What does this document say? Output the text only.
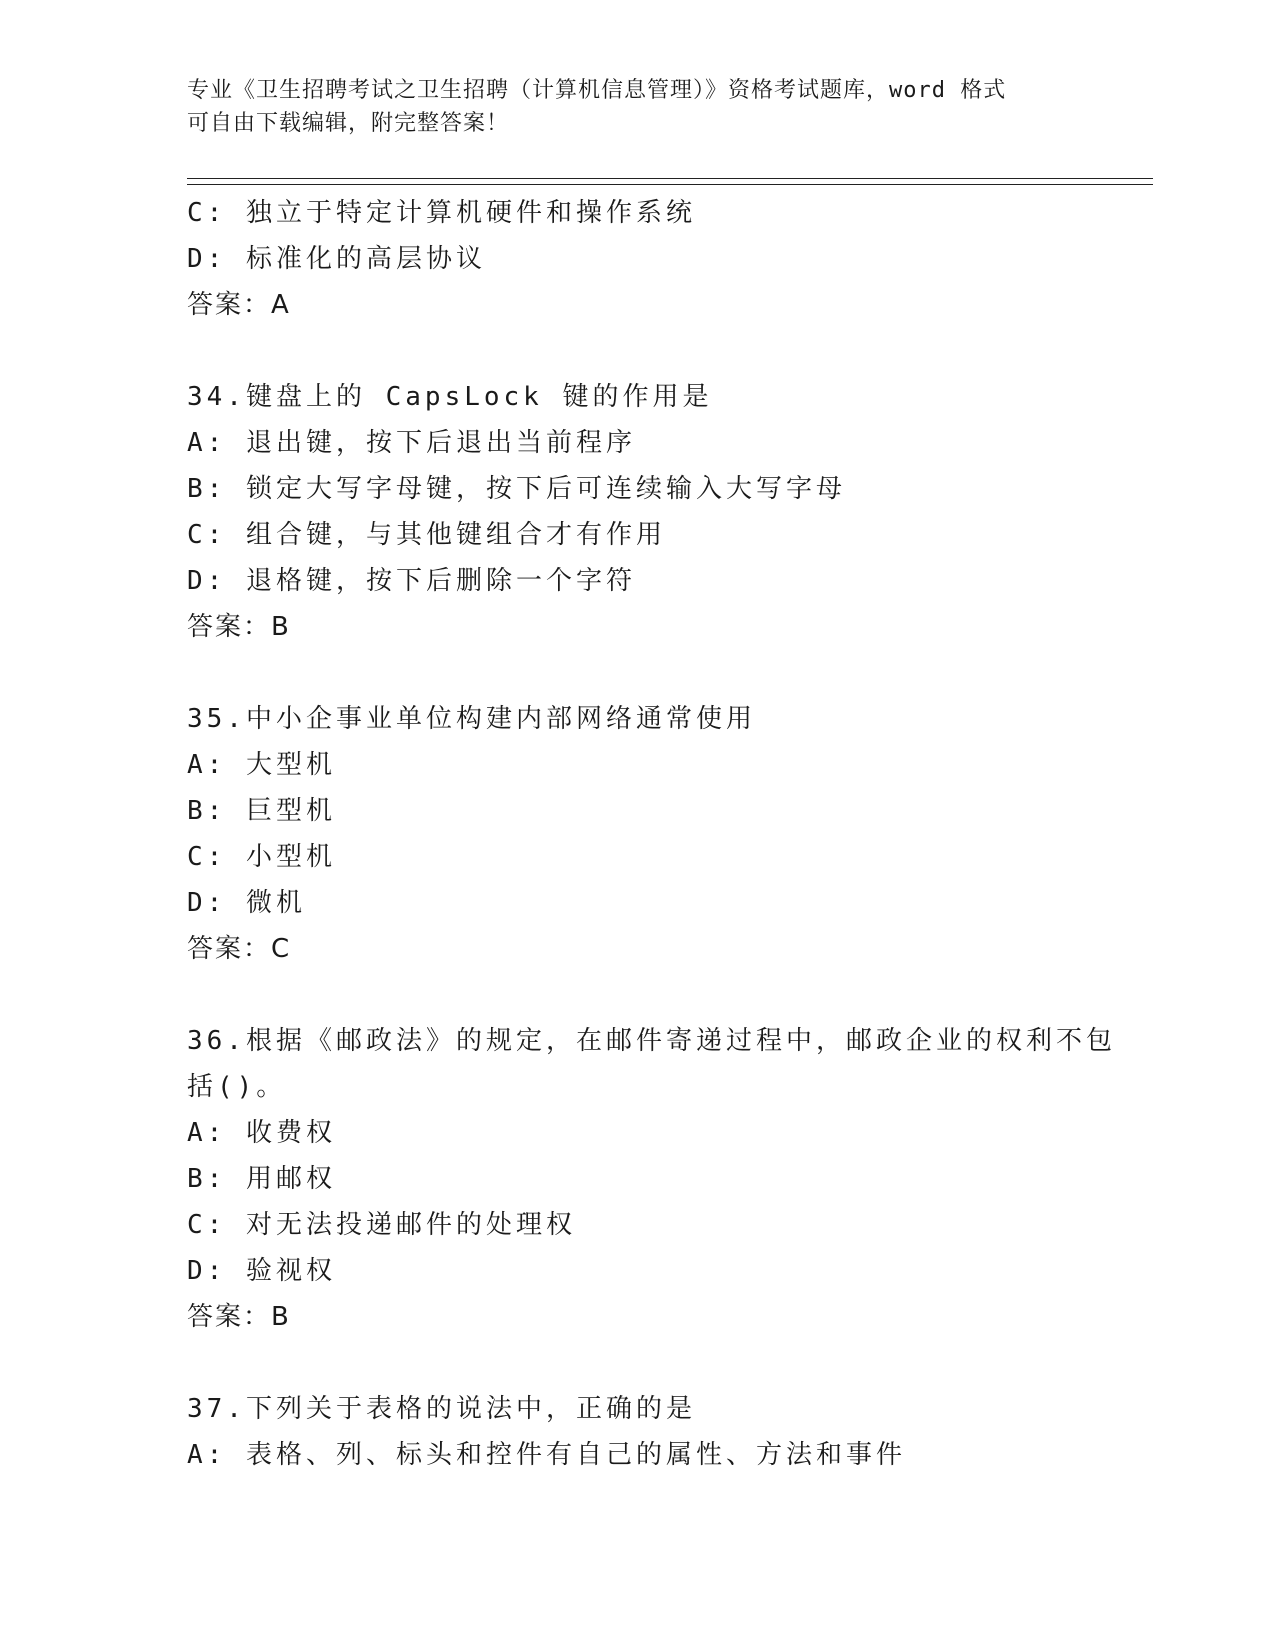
专业《卫生招聘考试之卫生招聘（计算机信息管理）》资格考试题库，word 格式
可自由下载编辑，附完整答案！
C: 独立于特定计算机硬件和操作系统
D: 标准化的高层协议
答案：A
34.键盘上的 CapsLock 键的作用是
A: 退出键，按下后退出当前程序
B: 锁定大写字母键，按下后可连续输入大写字母
C: 组合键，与其他键组合才有作用
D: 退格键，按下后删除一个字符
答案：B
35.中小企事业单位构建内部网络通常使用
A: 大型机
B: 巨型机
C: 小型机
D: 微机
答案：C
36.根据《邮政法》的规定，在邮件寄递过程中，邮政企业的权利不包
括()。
A: 收费权
B: 用邮权
C: 对无法投递邮件的处理权
D: 验视权
答案：B
37.下列关于表格的说法中，正确的是
A: 表格、列、标头和控件有自己的属性、方法和事件
